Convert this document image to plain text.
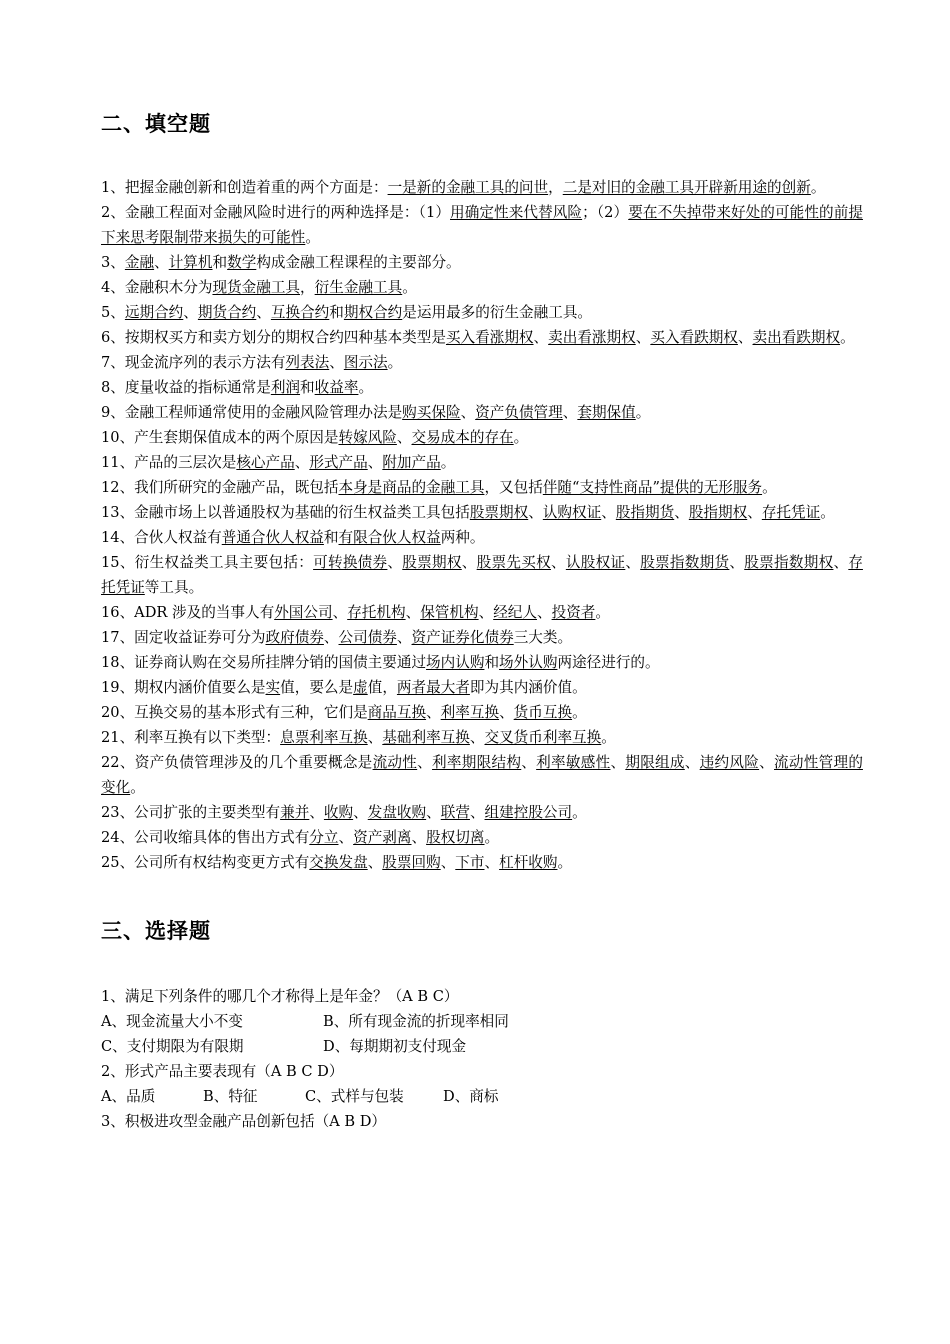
二、填空题

1、把握金融创新和创造着重的两个方面是：一是新的金融工具的问世，二是对旧的金融工具开辟新用途的创新。

2、金融工程面对金融风险时进行的两种选择是：（1）用确定性来代替风险；（2）要在不失掉带来好处的可能性的前提下来思考限制带来损失的可能性。

3、金融、计算机和数学构成金融工程课程的主要部分。

4、金融积木分为现货金融工具，衍生金融工具。

5、远期合约、期货合约、互换合约和期权合约是运用最多的衍生金融工具。

6、按期权买方和卖方划分的期权合约四种基本类型是买入看涨期权、卖出看涨期权、买入看跌期权、卖出看跌期权。

7、现金流序列的表示方法有列表法、图示法。

8、度量收益的指标通常是利润和收益率。

9、金融工程师通常使用的金融风险管理办法是购买保险、资产负债管理、套期保值。

10、产生套期保值成本的两个原因是转嫁风险、交易成本的存在。

11、产品的三层次是核心产品、形式产品、附加产品。

12、我们所研究的金融产品，既包括本身是商品的金融工具，又包括伴随“支持性商品”提供的无形服务。

13、金融市场上以普通股权为基础的衍生权益类工具包括股票期权、认购权证、股指期货、股指期权、存托凭证。

14、合伙人权益有普通合伙人权益和有限合伙人权益两种。

15、衍生权益类工具主要包括：可转换债券、股票期权、股票先买权、认股权证、股票指数期货、股票指数期权、存托凭证等工具。

16、ADR 涉及的当事人有外国公司、存托机构、保管机构、经纪人、投资者。

17、固定收益证券可分为政府债券、公司债券、资产证券化债券三大类。

18、证券商认购在交易所挂牌分销的国债主要通过场内认购和场外认购两途径进行的。

19、期权内涵价值要么是实值，要么是虚值，两者最大者即为其内涵价值。

20、互换交易的基本形式有三种，它们是商品互换、利率互换、货币互换。

21、利率互换有以下类型：息票利率互换、基础利率互换、交叉货币利率互换。

22、资产负债管理涉及的几个重要概念是流动性、利率期限结构、利率敏感性、期限组成、违约风险、流动性管理的变化。

23、公司扩张的主要类型有兼并、收购、发盘收购、联营、组建控股公司。

24、公司收缩具体的售出方式有分立、资产剥离、股权切离。

25、公司所有权结构变更方式有交换发盘、股票回购、下市、杠杆收购。

三、选择题

1、满足下列条件的哪几个才称得上是年金？（A B C）

A、现金流量大小不变	B、所有现金流的折现率相同

C、支付期限为有限期	D、每期期初支付现金

2、形式产品主要表现有（A B C D）

A、品质	B、特征	C、式样与包装	D、商标

3、积极进攻型金融产品创新包括（A B D）
